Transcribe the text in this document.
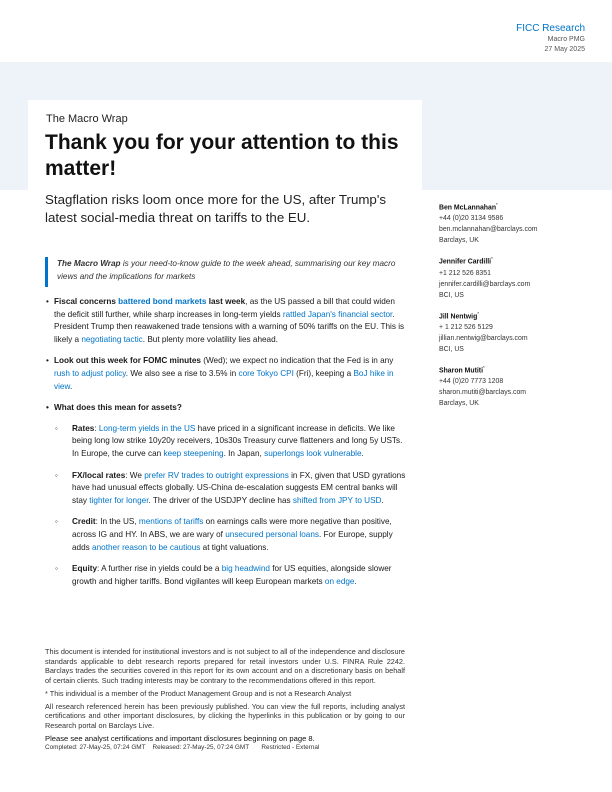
FICC Research
Macro PMG
27 May 2025
The Macro Wrap
Thank you for your attention to this matter!
Stagflation risks loom once more for the US, after Trump's latest social-media threat on tariffs to the EU.
The Macro Wrap is your need-to-know guide to the week ahead, summarising our key macro views and the implications for markets
• Fiscal concerns battered bond markets last week, as the US passed a bill that could widen the deficit still further, while sharp increases in long-term yields rattled Japan's financial sector. President Trump then reawakened trade tensions with a warning of 50% tariffs on the EU. This is likely a negotiating tactic. But plenty more volatility lies ahead.
• Look out this week for FOMC minutes (Wed); we expect no indication that the Fed is in any rush to adjust policy. We also see a rise to 3.5% in core Tokyo CPI (Fri), keeping a BoJ hike in view.
• What does this mean for assets?
◦ Rates: Long-term yields in the US have priced in a significant increase in deficits. We like being long low strike 10y20y receivers, 10s30s Treasury curve flatteners and long 5y USTs. In Europe, the curve can keep steepening. In Japan, superlongs look vulnerable.
◦ FX/local rates: We prefer RV trades to outright expressions in FX, given that USD gyrations have had unusual effects globally. US-China de-escalation suggests EM central banks will stay tighter for longer. The driver of the USDJPY decline has shifted from JPY to USD.
◦ Credit: In the US, mentions of tariffs on earnings calls were more negative than positive, across IG and HY. In ABS, we are wary of unsecured personal loans. For Europe, supply adds another reason to be cautious at tight valuations.
◦ Equity: A further rise in yields could be a big headwind for US equities, alongside slower growth and higher tariffs. Bond vigilantes will keep European markets on edge.
Ben McLannahan*
+44 (0)20 3134 9586
ben.mclannahan@barclays.com
Barclays, UK
Jennifer Cardilli*
+1 212 526 8351
jennifer.cardilli@barclays.com
BCI, US
Jill Nentwig*
+ 1 212 526 5129
jillian.nentwig@barclays.com
BCI, US
Sharon Mutiti*
+44 (0)20 7773 1208
sharon.mutiti@barclays.com
Barclays, UK

This document is intended for institutional investors and is not subject to all of the independence and disclosure standards applicable to debt research reports prepared for retail investors under U.S. FINRA Rule 2242. Barclays trades the securities covered in this report for its own account and on a discretionary basis on behalf of certain clients. Such trading interests may be contrary to the recommendations offered in this report.

* This individual is a member of the Product Management Group and is not a Research Analyst

All research referenced herein has been previously published. You can view the full reports, including analyst certifications and other important disclosures, by clicking the hyperlinks in this publication or by going to our Research portal on Barclays Live.

Please see analyst certifications and important disclosures beginning on page 8.

Completed: 27-May-25, 07:24 GMT    Released: 27-May-25, 07:24 GMT       Restricted - External
